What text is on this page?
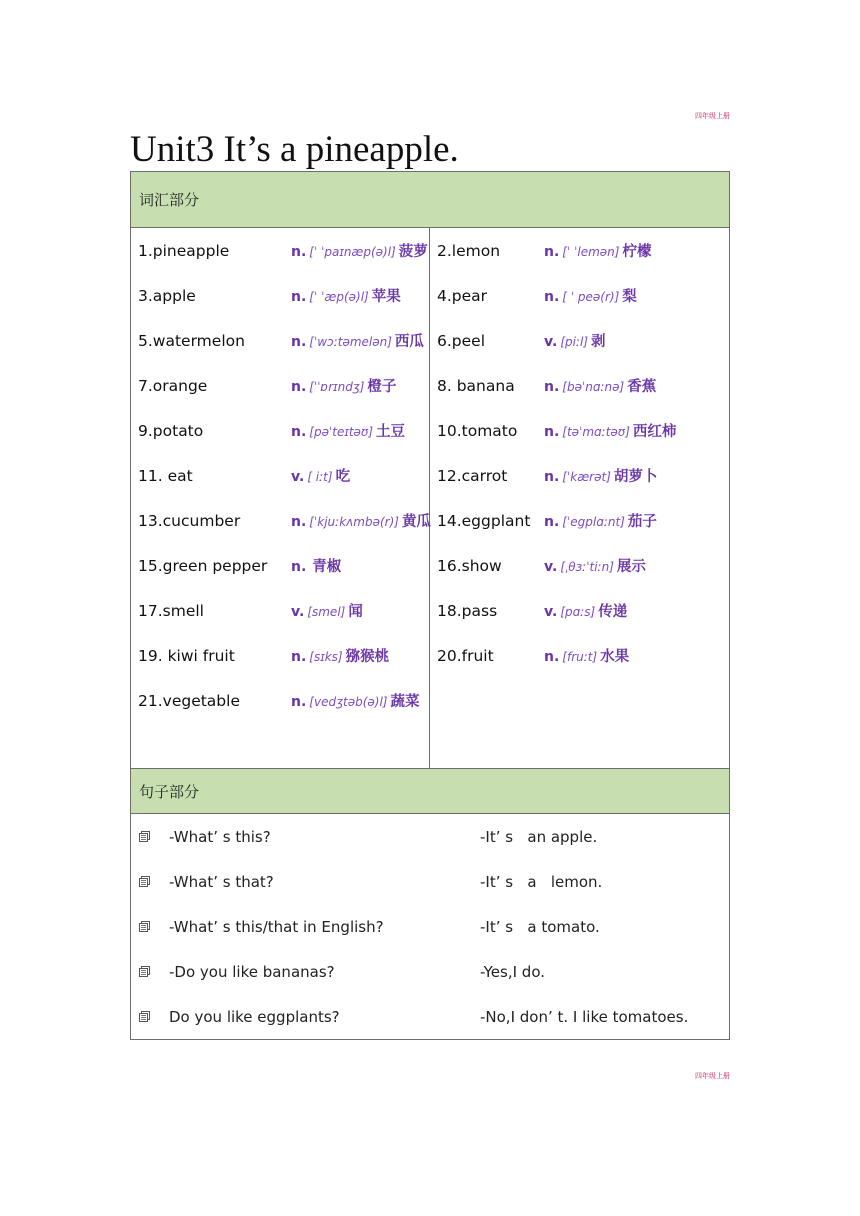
四年级上册
Unit3 It’s a pineapple.
词汇部分
1.pineapple	n. [ˈ ˈpaɪnæp(ə)l] 菠萝
3.apple	n. [ˈ ˈæp(ə)l] 苹果
5.watermelon	n. [ˈwɔːtəmelən] 西瓜
7.orange	n. [ˈˈɒrɪndʒ] 橙子
9.potato	n. [pəˈteɪtəʊ] 土豆
11. eat	v. [ iːt] 吃
13.cucumber	n. [ˈkjuːkʌmbə(r)] 黄瓜
15.green pepper n. 青椒
17.smell	v. [smel] 闻
19. kiwi fruit	n. [sɪks] 猕猴桃
21.vegetable	n. [vedʒtəb(ə)l] 蔬菜
2.lemon	n. [ˈ ˈlemən] 柠檬
4.pear	n. [ ˈ peə(r)] 梨
6.peel	v. [piːl] 剥
8. banana n. [bəˈnɑːnə] 香蕉
10.tomato n. [təˈmɑːtəʊ] 西红柿
12.carrot	n. [ˈkærət] 胡萝卜
14.eggplant n. [ˈegplɑːnt] 茄子
16.show	v. [ˌθɜːˈtiːn] 展示
18.pass	v. [pɑːs] 传递
20.fruit	n. [fruːt] 水果
句子部分
-What’ s this?	-It’ s   an apple.
-What’ s that?	-It’ s   a   lemon.
-What’ s this/that in English?	-It’ s   a tomato.
-Do you like bananas?	-Yes,I do.
Do you like eggplants?	-No,I don’ t. I like tomatoes.
四年级上册
